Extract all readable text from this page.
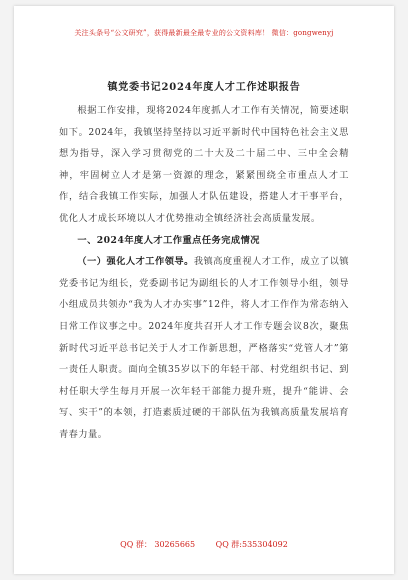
关注头条号“公文研究”，获得最新最全最专业的公文资料库！ 微信：gongwenyj
镇党委书记2024年度人才工作述职报告

根据工作安排，现将2024年度抓人才工作有关情况，简要述职如下。2024年，我镇坚持坚持以习近平新时代中国特色社会主义思想为指导，深入学习贯彻党的二十大及二十届二中、三中全会精神，牢固树立人才是第一资源的理念，紧紧围绕全市重点人才工作，结合我镇工作实际，加强人才队伍建设，搭建人才干事平台，优化人才成长环境以人才优势推动全镇经济社会高质量发展。

一、2024年度人才工作重点任务完成情况

（一）强化人才工作领导。我镇高度重视人才工作，成立了以镇党委书记为组长，党委副书记为副组长的人才工作领导小组，领导小组成员共领办“我为人才办实事”12件，将人才工作作为常态纳入日常工作议事之中。2024年度共召开人才工作专题会议8次，聚焦新时代习近平总书记关于人才工作新思想，严格落实“党管人才”第一责任人职责。面向全镇35岁以下的年轻干部、村党组织书记、到村任职大学生每月开展一次年轻干部能力提升班，提升“能讲、会写、实干”的本领，打造素质过硬的干部队伍为我镇高质量发展培育青春力量。

QQ 群： 30265665	QQ 群:535304092
